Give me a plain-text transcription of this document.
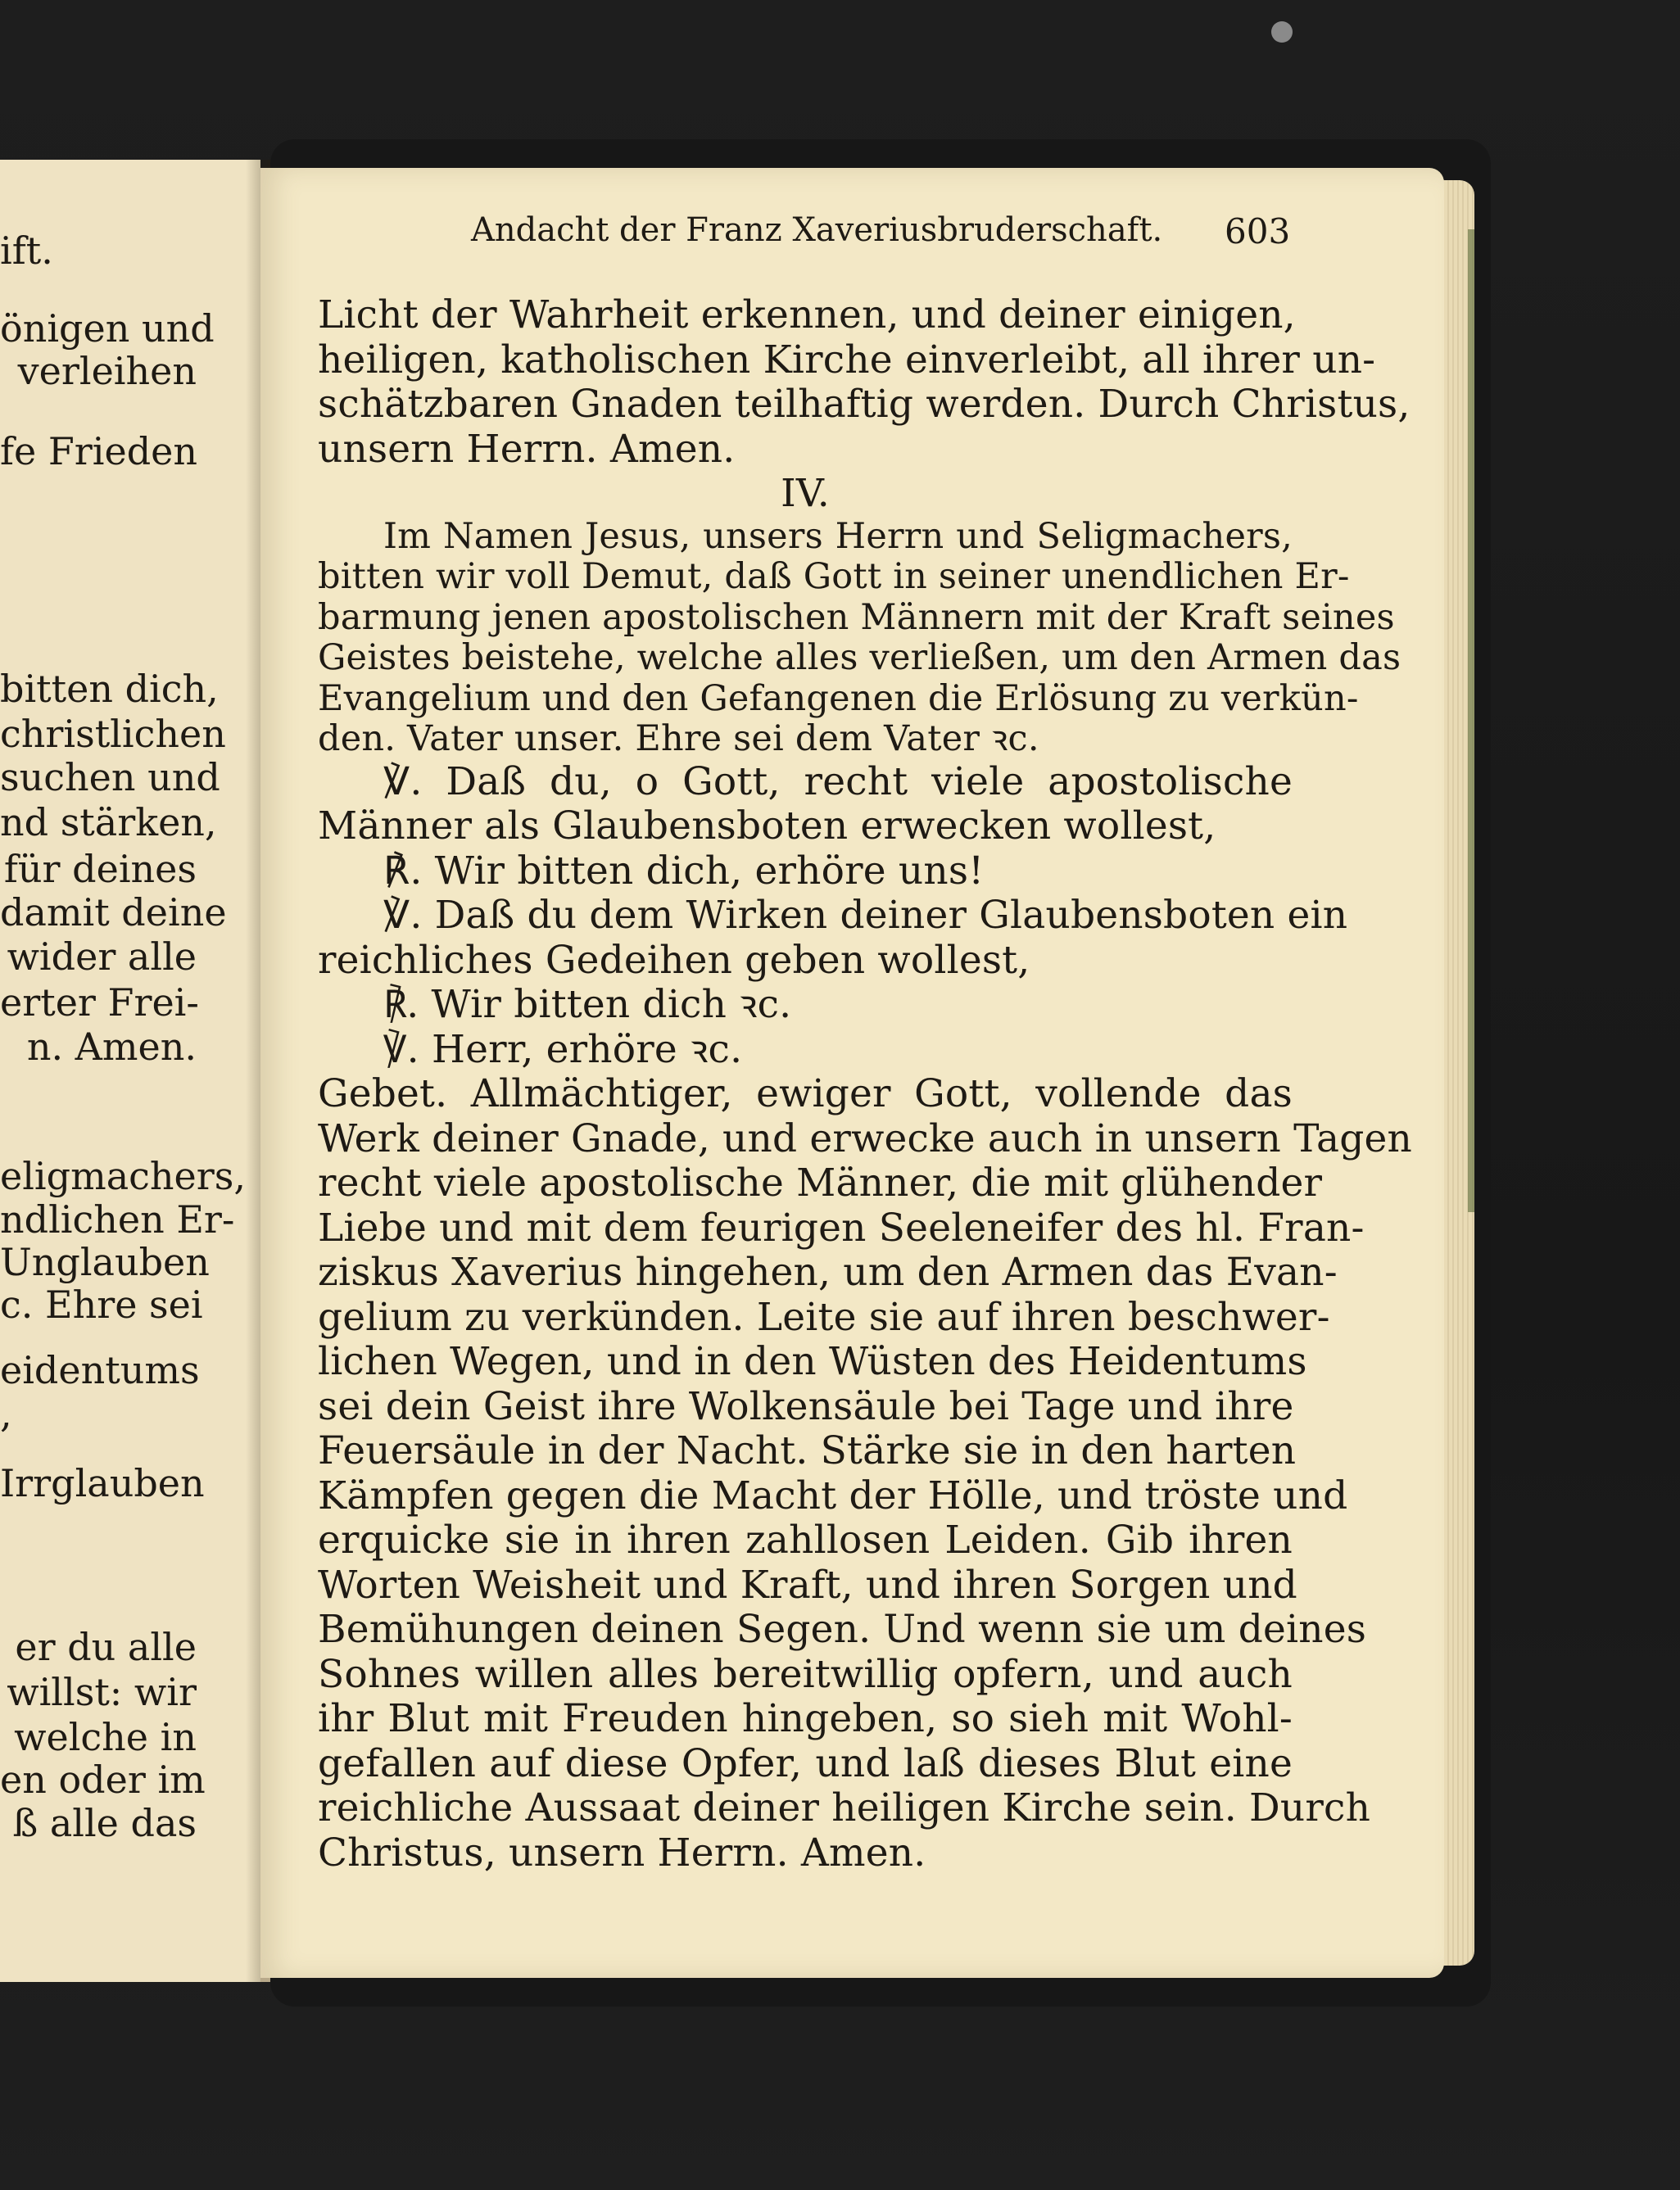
ift.
önigen und
verleihen
fe Frieden
bitten dich,
christlichen
suchen und
nd stärken,
für deines
damit deine
wider alle
erter Frei-
n. Amen.
eligmachers,
ndlichen Er-
Unglauben
c. Ehre sei
eidentums
,
Irrglauben
er du alle
willst: wir
welche in
en oder im
ß alle das
Andacht der Franz Xaveriusbruderschaft.	603
Licht der Wahrheit erkennen, und deiner einigen,
heiligen, katholischen Kirche einverleibt, all ihrer un-
schätzbaren Gnaden teilhaftig werden. Durch Christus,
unsern Herrn. Amen.
IV.
Im Namen Jesus, unsers Herrn und Seligmachers,
bitten wir voll Demut, daß Gott in seiner unendlichen Er-
barmung jenen apostolischen Männern mit der Kraft seines
Geistes beistehe, welche alles verließen, um den Armen das
Evangelium und den Gefangenen die Erlösung zu verkün-
den. Vater unser. Ehre sei dem Vater ꝛc.
℣. Daß du, o Gott, recht viele apostolische
Männer als Glaubensboten erwecken wollest,
℟. Wir bitten dich, erhöre uns!
℣. Daß du dem Wirken deiner Glaubensboten ein
reichliches Gedeihen geben wollest,
℟. Wir bitten dich ꝛc.
℣. Herr, erhöre ꝛc.
Gebet. Allmächtiger, ewiger Gott, vollende das
Werk deiner Gnade, und erwecke auch in unsern Tagen
recht viele apostolische Männer, die mit glühender
Liebe und mit dem feurigen Seeleneifer des hl. Fran-
ziskus Xaverius hingehen, um den Armen das Evan-
gelium zu verkünden. Leite sie auf ihren beschwer-
lichen Wegen, und in den Wüsten des Heidentums
sei dein Geist ihre Wolkensäule bei Tage und ihre
Feuersäule in der Nacht. Stärke sie in den harten
Kämpfen gegen die Macht der Hölle, und tröste und
erquicke sie in ihren zahllosen Leiden. Gib ihren
Worten Weisheit und Kraft, und ihren Sorgen und
Bemühungen deinen Segen. Und wenn sie um deines
Sohnes willen alles bereitwillig opfern, und auch
ihr Blut mit Freuden hingeben, so sieh mit Wohl-
gefallen auf diese Opfer, und laß dieses Blut eine
reichliche Aussaat deiner heiligen Kirche sein. Durch
Christus, unsern Herrn. Amen.
